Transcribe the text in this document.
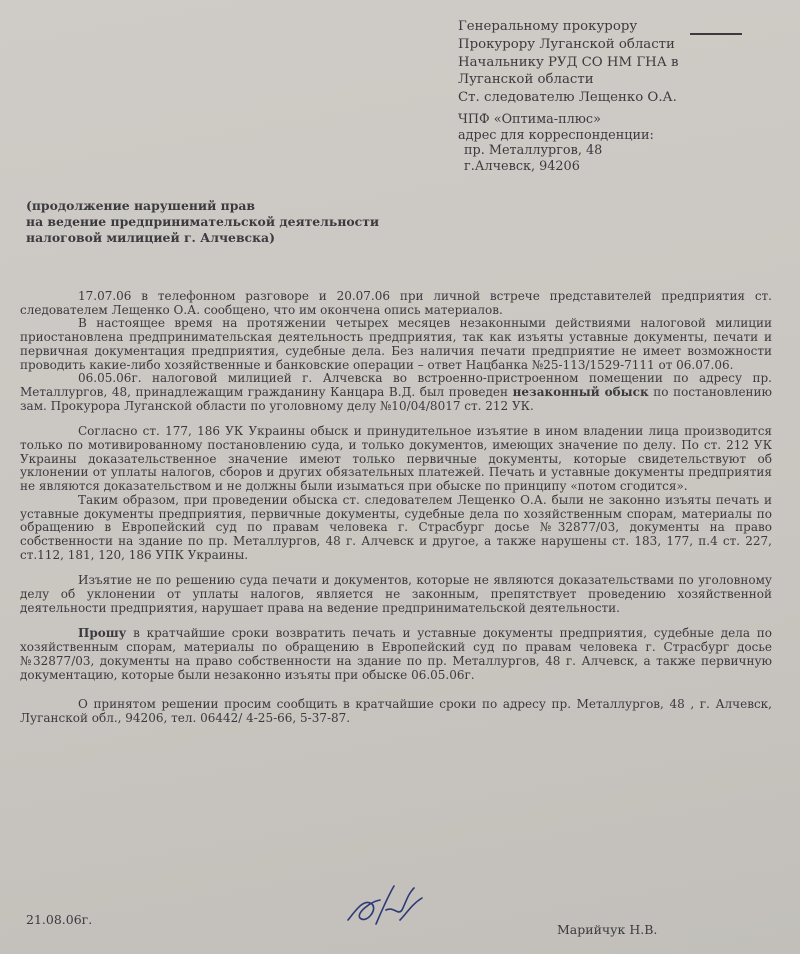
Генеральному прокурору
Прокурору Луганской области
Начальнику РУД СО НМ ГНА в
Луганской области
Ст. следователю Лещенко О.А.
ЧПФ «Оптима-плюс»
адрес для корреспонденции:
пр. Металлургов, 48
г.Алчевск, 94206
(продолжение нарушений прав
на ведение предпринимательской деятельности
налоговой милицией г. Алчевска)

17.07.06 в телефонном разговоре и 20.07.06 при личной встрече представителей предприятия ст. следователем Лещенко О.А. сообщено, что им окончена опись материалов.

В настоящее время на протяжении четырех месяцев незаконными действиями налоговой милиции приостановлена предпринимательская деятельность предприятия, так как изъяты уставные документы, печати и первичная документация предприятия, судебные дела. Без наличия печати предприятие не имеет возможности проводить какие-либо хозяйственные и банковские операции – ответ Нацбанка №25-113/1529-7111 от 06.07.06.

06.05.06г. налоговой милицией г. Алчевска во встроенно-пристроенном помещении по адресу пр. Металлургов, 48, принадлежащим гражданину Канцара В.Д. был проведен незаконный обыск по постановлению зам. Прокурора Луганской области по уголовному делу №10/04/8017 ст. 212 УК.

Согласно ст. 177, 186 УК Украины обыск и принудительное изъятие в ином владении лица производится только по мотивированному постановлению суда, и только документов, имеющих значение по делу. По ст. 212 УК Украины доказательственное значение имеют только первичные документы, которые свидетельствуют об уклонении от уплаты налогов, сборов и других обязательных платежей. Печать и уставные документы предприятия не являются доказательством и не должны были изыматься при обыске по принципу «потом сгодится».

Таким образом, при проведении обыска ст. следователем Лещенко О.А. были не законно изъяты печать и уставные документы предприятия, первичные документы, судебные дела по хозяйственным спорам, материалы по обращению в Европейский суд по правам человека г. Страсбург досье №32877/03, документы на право собственности на здание по пр. Металлургов, 48 г. Алчевск и другое, а также нарушены ст. 183, 177, п.4 ст. 227, ст.112, 181, 120, 186 УПК Украины.

Изъятие не по решению суда печати и документов, которые не являются доказательствами по уголовному делу об уклонении от уплаты налогов, является не законным, препятствует проведению хозяйственной деятельности предприятия, нарушает права на ведение предпринимательской деятельности.

Прошу в кратчайшие сроки возвратить печать и уставные документы предприятия, судебные дела по хозяйственным спорам, материалы по обращению в Европейский суд по правам человека г. Страсбург досье №32877/03, документы на право собственности на здание по пр. Металлургов, 48 г. Алчевск, а также первичную документацию, которые были незаконно изъяты при обыске 06.05.06г.

О принятом решении просим сообщить в кратчайшие сроки по адресу пр. Металлургов, 48 , г. Алчевск, Луганской обл., 94206, тел. 06442/ 4-25-66, 5-37-87.

21.08.06г.
Марийчук Н.В.
